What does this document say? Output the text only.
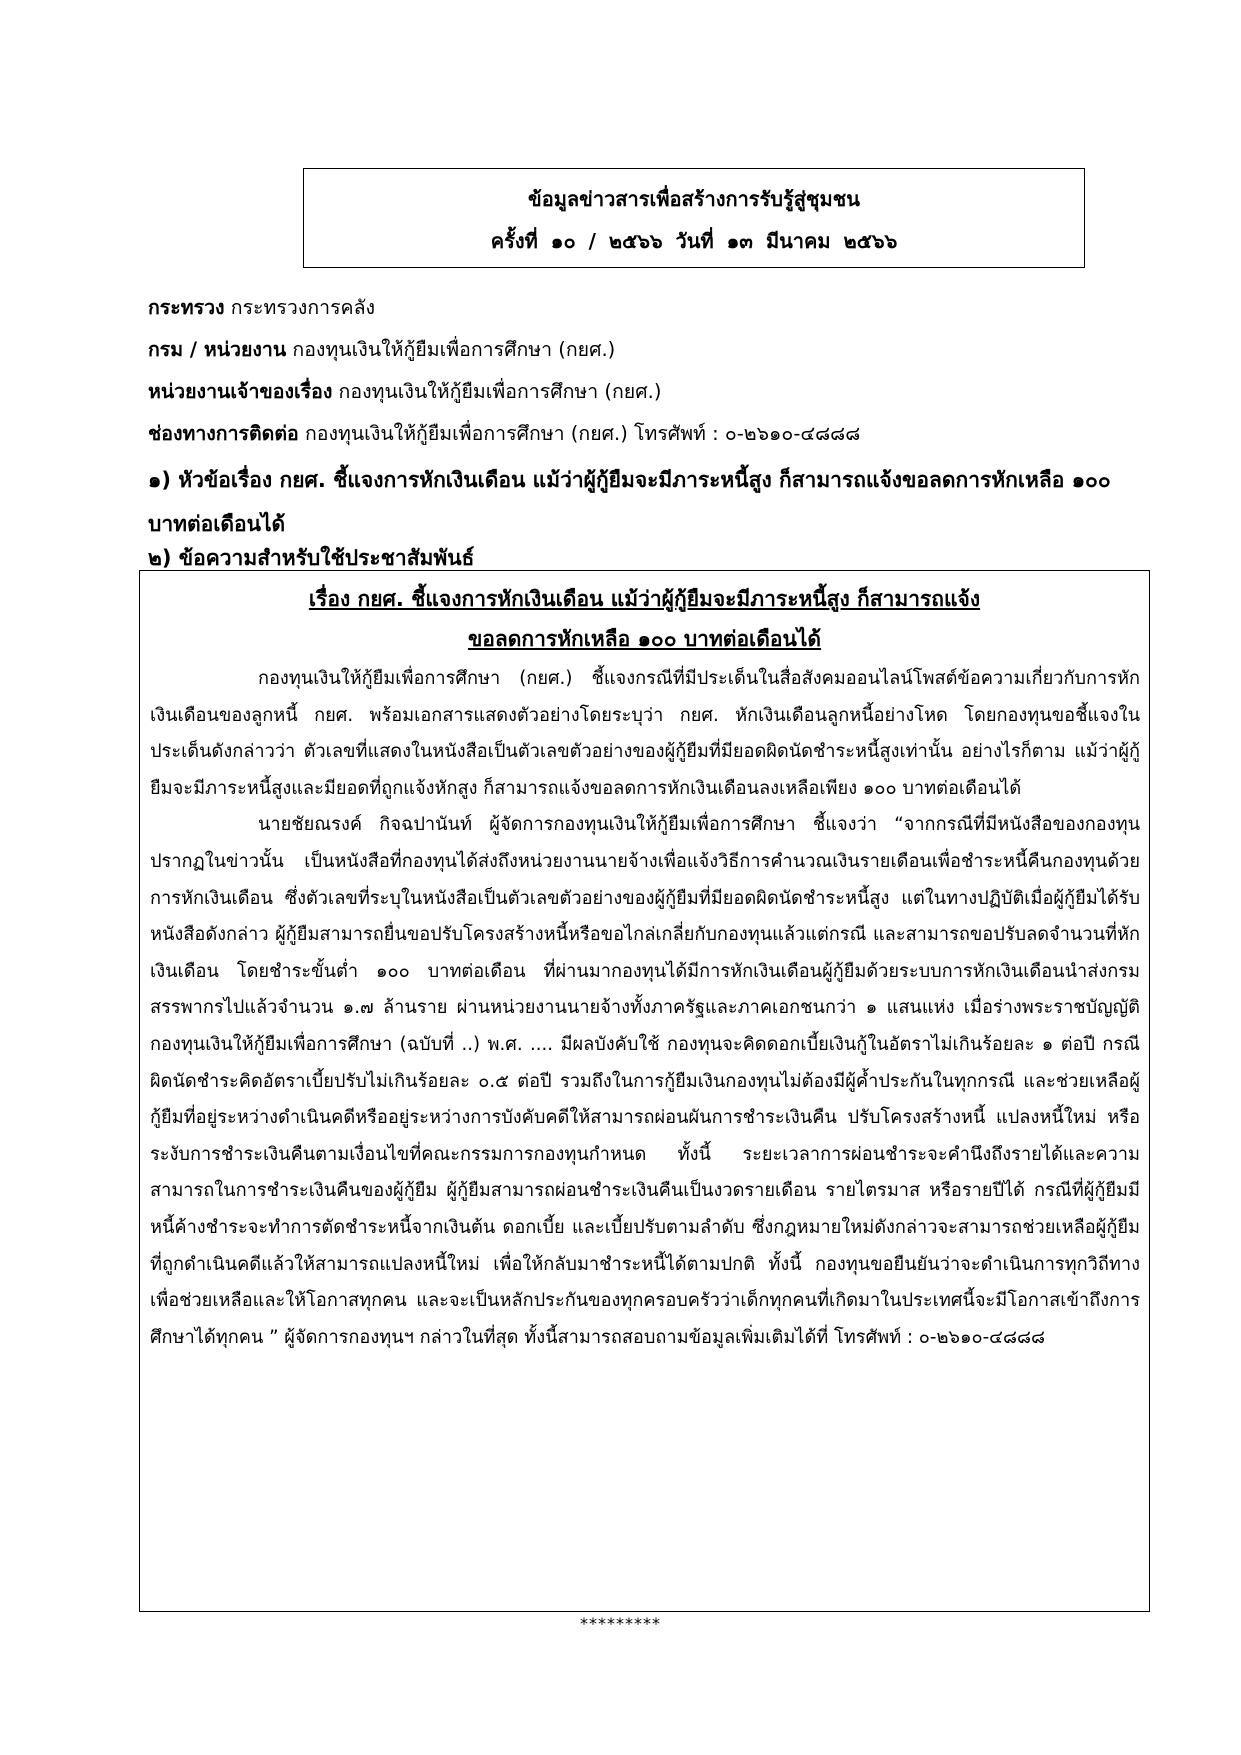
ข้อมูลข่าวสารเพื่อสร้างการรับรู้สู่ชุมชน
ครั้งที่ ๑๐ / ๒๕๖๖ วันที่ ๑๓ มีนาคม ๒๕๖๖
กระทรวง กระทรวงการคลัง
กรม / หน่วยงาน กองทุนเงินให้กู้ยืมเพื่อการศึกษา (กยศ.)
หน่วยงานเจ้าของเรื่อง กองทุนเงินให้กู้ยืมเพื่อการศึกษา (กยศ.)
ช่องทางการติดต่อ กองทุนเงินให้กู้ยืมเพื่อการศึกษา (กยศ.) โทรศัพท์ : ๐-๒๖๑๐-๔๘๘๘
๑) หัวข้อเรื่อง กยศ. ชี้แจงการหักเงินเดือน แม้ว่าผู้กู้ยืมจะมีภาระหนี้สูง ก็สามารถแจ้งขอลดการหักเหลือ ๑๐๐ บาทต่อเดือนได้
๒) ข้อความสำหรับใช้ประชาสัมพันธ์
เรื่อง กยศ. ชี้แจงการหักเงินเดือน แม้ว่าผู้กู้ยืมจะมีภาระหนี้สูง ก็สามารถแจ้ง
ขอลดการหักเหลือ ๑๐๐ บาทต่อเดือนได้

กองทุนเงินให้กู้ยืมเพื่อการศึกษา (กยศ.) ชี้แจงกรณีที่มีประเด็นในสื่อสังคมออนไลน์โพสต์ข้อความเกี่ยวกับการหักเงินเดือนของลูกหนี้ กยศ. พร้อมเอกสารแสดงตัวอย่างโดยระบุว่า กยศ. หักเงินเดือนลูกหนี้อย่างโหด โดยกองทุนขอชี้แจงในประเด็นดังกล่าวว่า ตัวเลขที่แสดงในหนังสือเป็นตัวเลขตัวอย่างของผู้กู้ยืมที่มียอดผิดนัดชำระหนี้สูงเท่านั้น อย่างไรก็ตาม แม้ว่าผู้กู้ยืมจะมีภาระหนี้สูงและมียอดที่ถูกแจ้งหักสูง ก็สามารถแจ้งขอลดการหักเงินเดือนลงเหลือเพียง ๑๐๐ บาทต่อเดือนได้

นายชัยณรงค์ กิจฉปานันท์ ผู้จัดการกองทุนเงินให้กู้ยืมเพื่อการศึกษา ชี้แจงว่า “จากกรณีที่มีหนังสือของกองทุนปรากฏในข่าวนั้น เป็นหนังสือที่กองทุนได้ส่งถึงหน่วยงานนายจ้างเพื่อแจ้งวิธีการคำนวณเงินรายเดือนเพื่อชำระหนี้คืนกองทุนด้วยการหักเงินเดือน ซึ่งตัวเลขที่ระบุในหนังสือเป็นตัวเลขตัวอย่างของผู้กู้ยืมที่มียอดผิดนัดชำระหนี้สูง แต่ในทางปฏิบัติเมื่อผู้กู้ยืมได้รับหนังสือดังกล่าว ผู้กู้ยืมสามารถยื่นขอปรับโครงสร้างหนี้หรือขอไกล่เกลี่ยกับกองทุนแล้วแต่กรณี และสามารถขอปรับลดจำนวนที่หักเงินเดือน โดยชำระขั้นต่ำ ๑๐๐ บาทต่อเดือน ที่ผ่านมากองทุนได้มีการหักเงินเดือนผู้กู้ยืมด้วยระบบการหักเงินเดือนนำส่งกรมสรรพากรไปแล้วจำนวน ๑.๗ ล้านราย ผ่านหน่วยงานนายจ้างทั้งภาครัฐและภาคเอกชนกว่า ๑ แสนแห่ง เมื่อร่างพระราชบัญญัติกองทุนเงินให้กู้ยืมเพื่อการศึกษา (ฉบับที่ ..) พ.ศ. .... มีผลบังคับใช้ กองทุนจะคิดดอกเบี้ยเงินกู้ในอัตราไม่เกินร้อยละ ๑ ต่อปี กรณีผิดนัดชำระคิดอัตราเบี้ยปรับไม่เกินร้อยละ ๐.๕ ต่อปี รวมถึงในการกู้ยืมเงินกองทุนไม่ต้องมีผู้ค้ำประกันในทุกกรณี และช่วยเหลือผู้กู้ยืมที่อยู่ระหว่างดำเนินคดีหรืออยู่ระหว่างการบังคับคดีให้สามารถผ่อนผันการชำระเงินคืน ปรับโครงสร้างหนี้ แปลงหนี้ใหม่ หรือระงับการชำระเงินคืนตามเงื่อนไขที่คณะกรรมการกองทุนกำหนด ทั้งนี้ ระยะเวลาการผ่อนชำระจะคำนึงถึงรายได้และความสามารถในการชำระเงินคืนของผู้กู้ยืม ผู้กู้ยืมสามารถผ่อนชำระเงินคืนเป็นงวดรายเดือน รายไตรมาส หรือรายปีได้ กรณีที่ผู้กู้ยืมมีหนี้ค้างชำระจะทำการตัดชำระหนี้จากเงินต้น ดอกเบี้ย และเบี้ยปรับตามลำดับ ซึ่งกฎหมายใหม่ดังกล่าวจะสามารถช่วยเหลือผู้กู้ยืมที่ถูกดำเนินคดีแล้วให้สามารถแปลงหนี้ใหม่ เพื่อให้กลับมาชำระหนี้ได้ตามปกติ ทั้งนี้ กองทุนขอยืนยันว่าจะดำเนินการทุกวิถีทางเพื่อช่วยเหลือและให้โอกาสทุกคน และจะเป็นหลักประกันของทุกครอบครัวว่าเด็กทุกคนที่เกิดมาในประเทศนี้จะมีโอกาสเข้าถึงการศึกษาได้ทุกคน ” ผู้จัดการกองทุนฯ กล่าวในที่สุด ทั้งนี้สามารถสอบถามข้อมูลเพิ่มเติมได้ที่ โทรศัพท์ : ๐-๒๖๑๐-๔๘๘๘

*********
